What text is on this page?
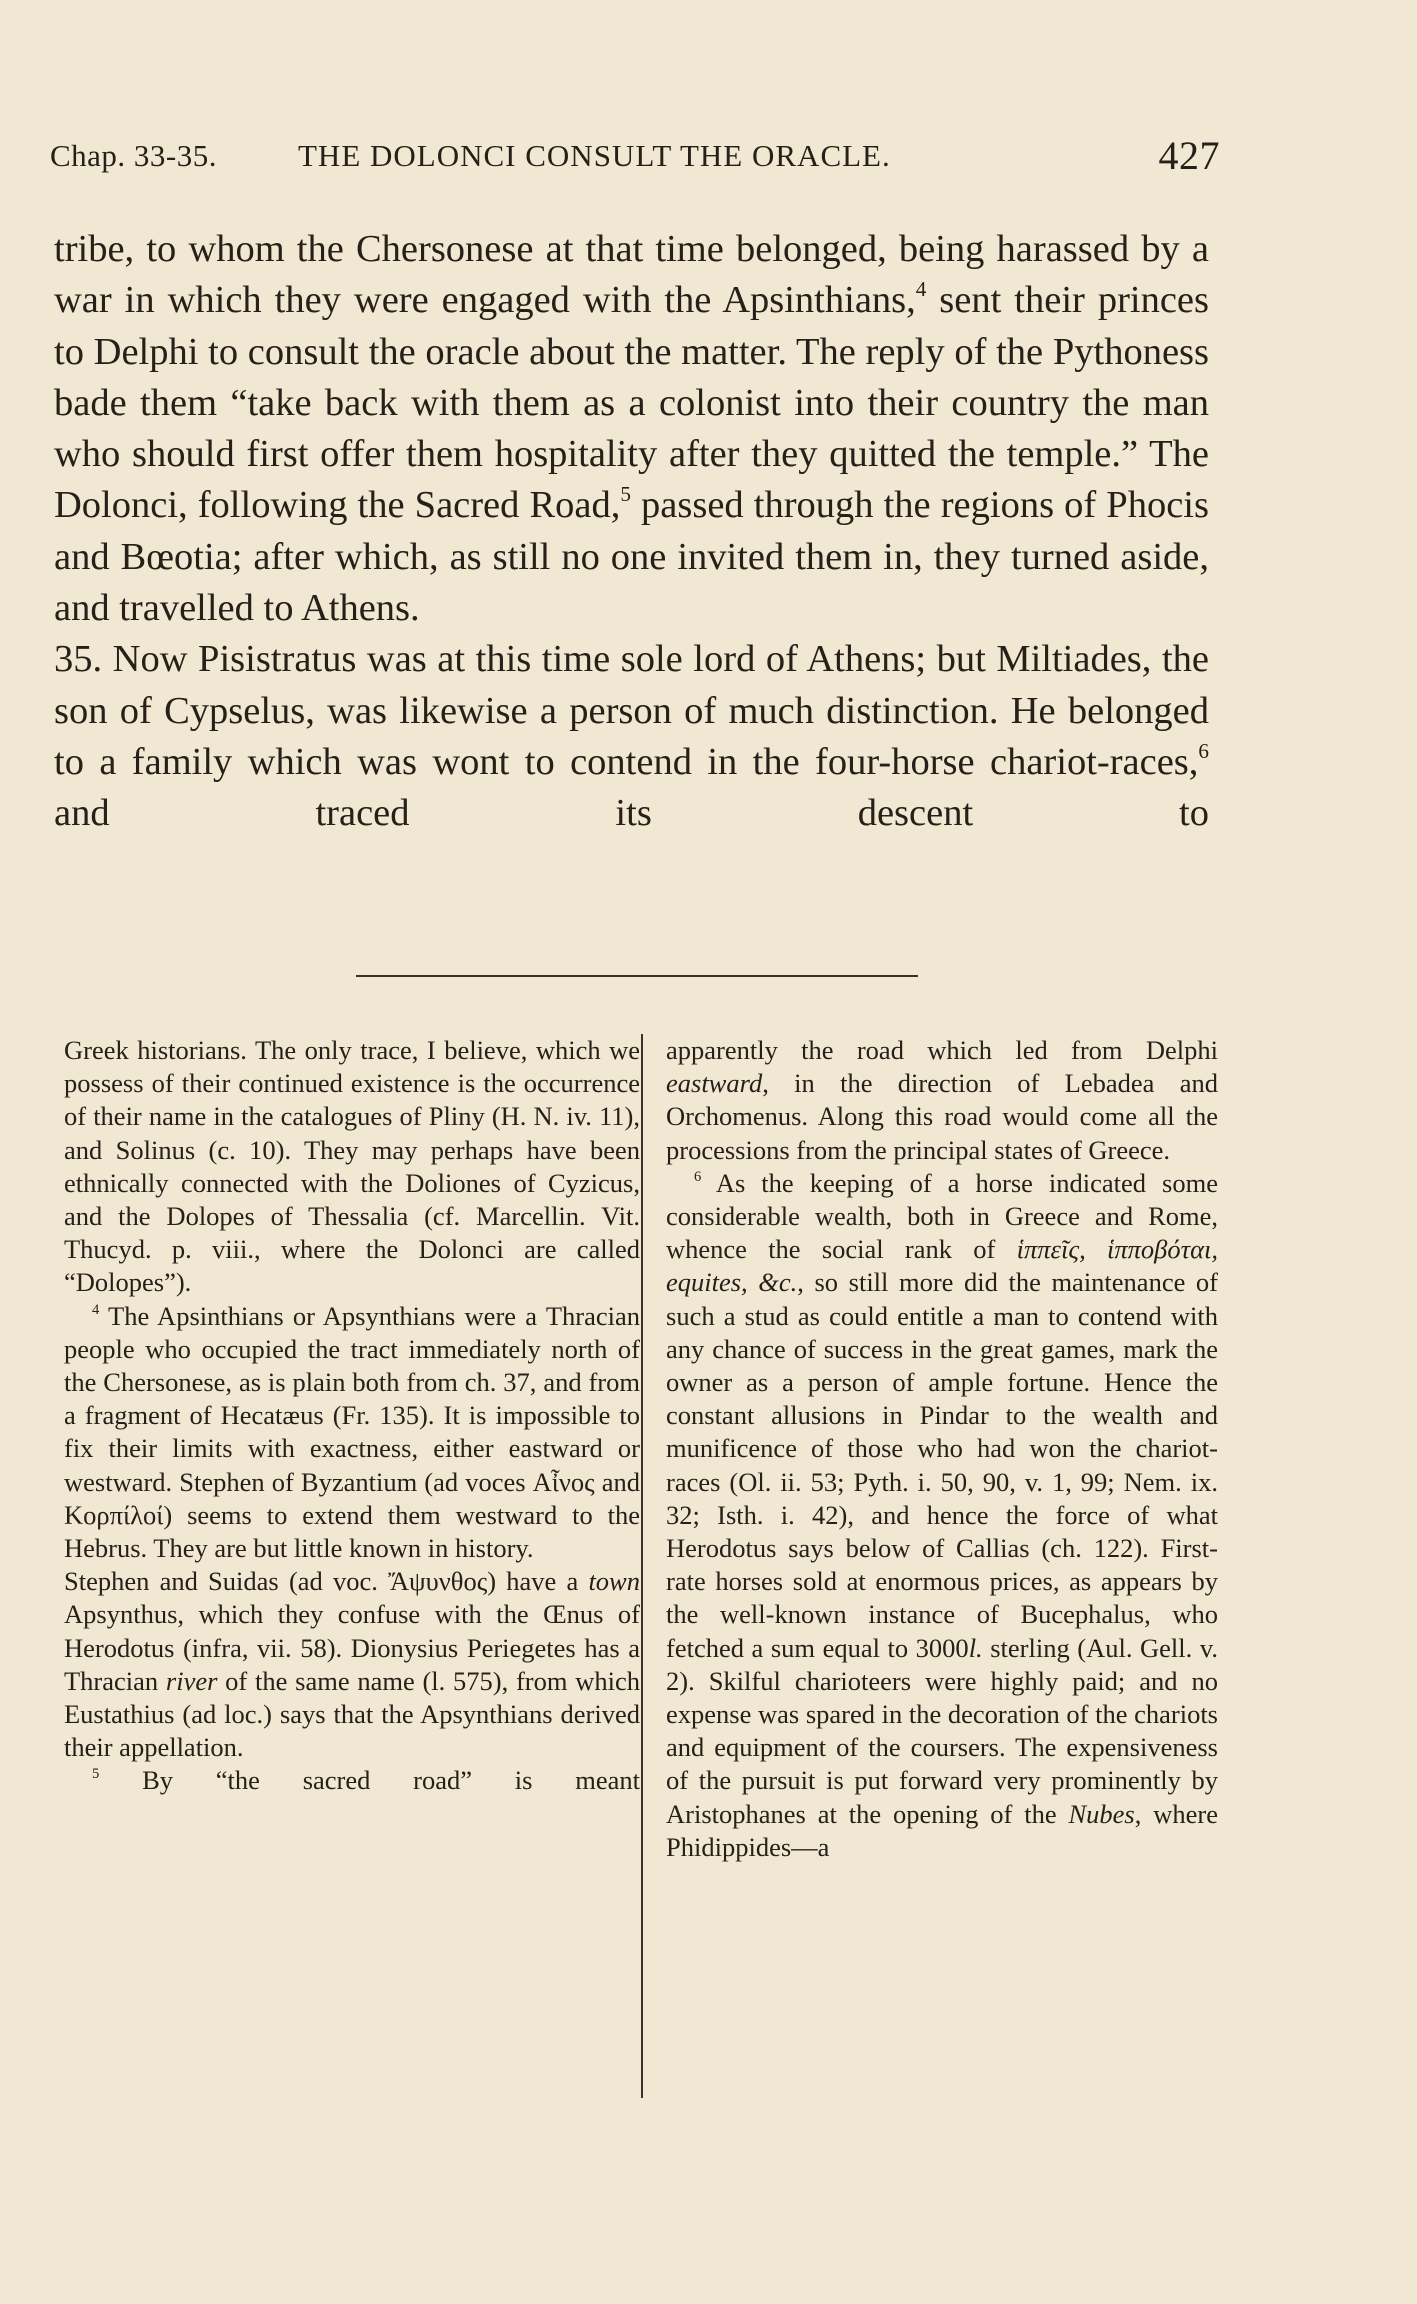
Chap. 33-35.	THE DOLONCI CONSULT THE ORACLE.	427

tribe, to whom the Chersonese at that time belonged, being harassed by a war in which they were engaged with the Apsinthians,$^4$ sent their princes to Delphi to consult the oracle about the matter. The reply of the Pythoness bade them “take back with them as a colonist into their country the man who should first offer them hospitality after they quitted the temple.” The Dolonci, following the Sacred Road,$^5$ passed through the regions of Phocis and Bœotia; after which, as still no one invited them in, they turned aside, and travelled to Athens.

35. Now Pisistratus was at this time sole lord of Athens; but Miltiades, the son of Cypselus, was likewise a person of much distinction. He belonged to a family which was wont to contend in the four-horse chariot-races,$^6$ and traced its descent to

Greek historians. The only trace, I believe, which we possess of their continued existence is the occurrence of their name in the catalogues of Pliny (H. N. iv. 11), and Solinus (c. 10). They may perhaps have been ethnically connected with the Doliones of Cyzicus, and the Dolopes of Thessalia (cf. Marcellin. Vit. Thucyd. p. viii., where the Dolonci are called “Dolopes”).

$^4$ The Apsinthians or Apsynthians were a Thracian people who occupied the tract immediately north of the Chersonese, as is plain both from ch. 37, and from a fragment of Hecatæus (Fr. 135). It is impossible to fix their limits with exactness, either eastward or westward. Stephen of Byzantium (ad voces Αἶνος and Κορπίλοί) seems to extend them westward to the Hebrus. They are but little known in history.

Stephen and Suidas (ad voc. Ἄψυνθος) have a town Apsynthus, which they confuse with the Œnus of Herodotus (infra, vii. 58). Dionysius Periegetes has a Thracian river of the same name (l. 575), from which Eustathius (ad loc.) says that the Apsynthians derived their appellation.

$^5$ By “the sacred road” is meant

apparently the road which led from Delphi eastward, in the direction of Lebadea and Orchomenus. Along this road would come all the processions from the principal states of Greece.

$^6$ As the keeping of a horse indicated some considerable wealth, both in Greece and Rome, whence the social rank of ἱππεῖς, ἱπποβόται, equites, &c., so still more did the maintenance of such a stud as could entitle a man to contend with any chance of success in the great games, mark the owner as a person of ample fortune. Hence the constant allusions in Pindar to the wealth and munificence of those who had won the chariot-races (Ol. ii. 53; Pyth. i. 50, 90, v. 1, 99; Nem. ix. 32; Isth. i. 42), and hence the force of what Herodotus says below of Callias (ch. 122). First-rate horses sold at enormous prices, as appears by the well-known instance of Bucephalus, who fetched a sum equal to 3000l. sterling (Aul. Gell. v. 2). Skilful charioteers were highly paid; and no expense was spared in the decoration of the chariots and equipment of the coursers. The expensiveness of the pursuit is put forward very prominently by Aristophanes at the opening of the Nubes, where Phidippides—a
